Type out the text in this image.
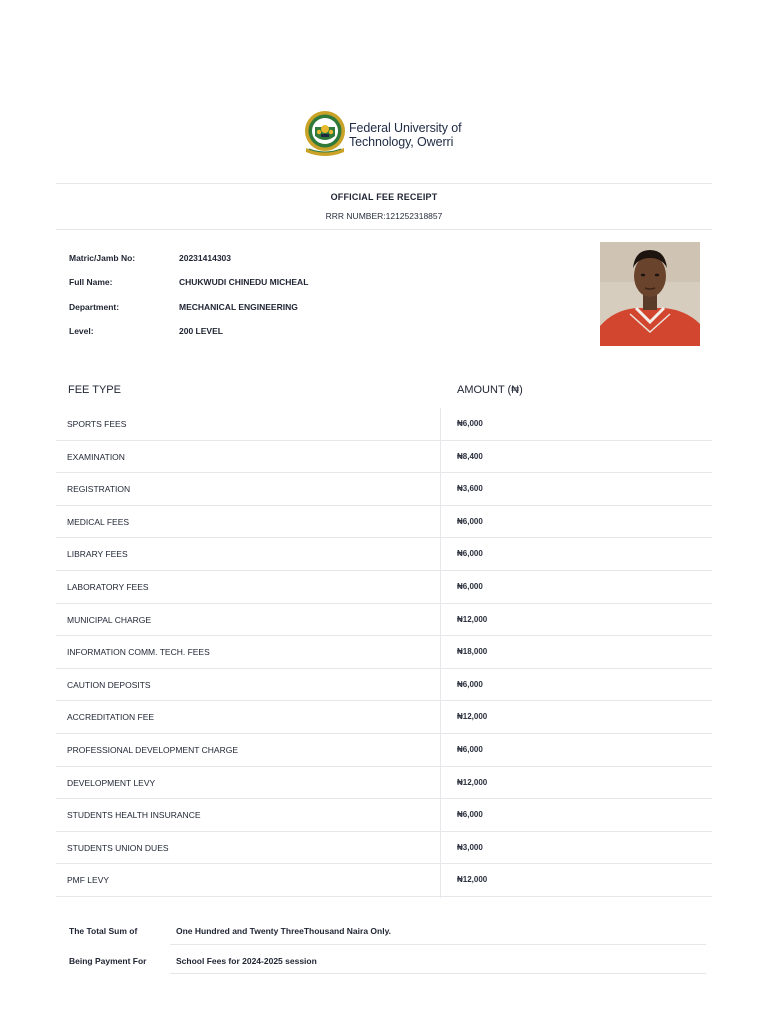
Federal University of
Technology, Owerri
OFFICIAL FEE RECEIPT
RRR NUMBER:121252318857
Matric/Jamb No:	20231414303
Full Name:	CHUKWUDI CHINEDU MICHEAL
Department:	MECHANICAL ENGINEERING
Level:	200 LEVEL
FEE TYPE	AMOUNT (₦)
SPORTS FEES	₦6,000
EXAMINATION	₦8,400
REGISTRATION	₦3,600
MEDICAL FEES	₦6,000
LIBRARY FEES	₦6,000
LABORATORY FEES	₦6,000
MUNICIPAL CHARGE	₦12,000
INFORMATION COMM. TECH. FEES	₦18,000
CAUTION DEPOSITS	₦6,000
ACCREDITATION FEE	₦12,000
PROFESSIONAL DEVELOPMENT CHARGE	₦6,000
DEVELOPMENT LEVY	₦12,000
STUDENTS HEALTH INSURANCE	₦6,000
STUDENTS UNION DUES	₦3,000
PMF LEVY	₦12,000
The Total Sum of	One Hundred and Twenty ThreeThousand Naira Only.
Being Payment For	School Fees for 2024-2025 session
